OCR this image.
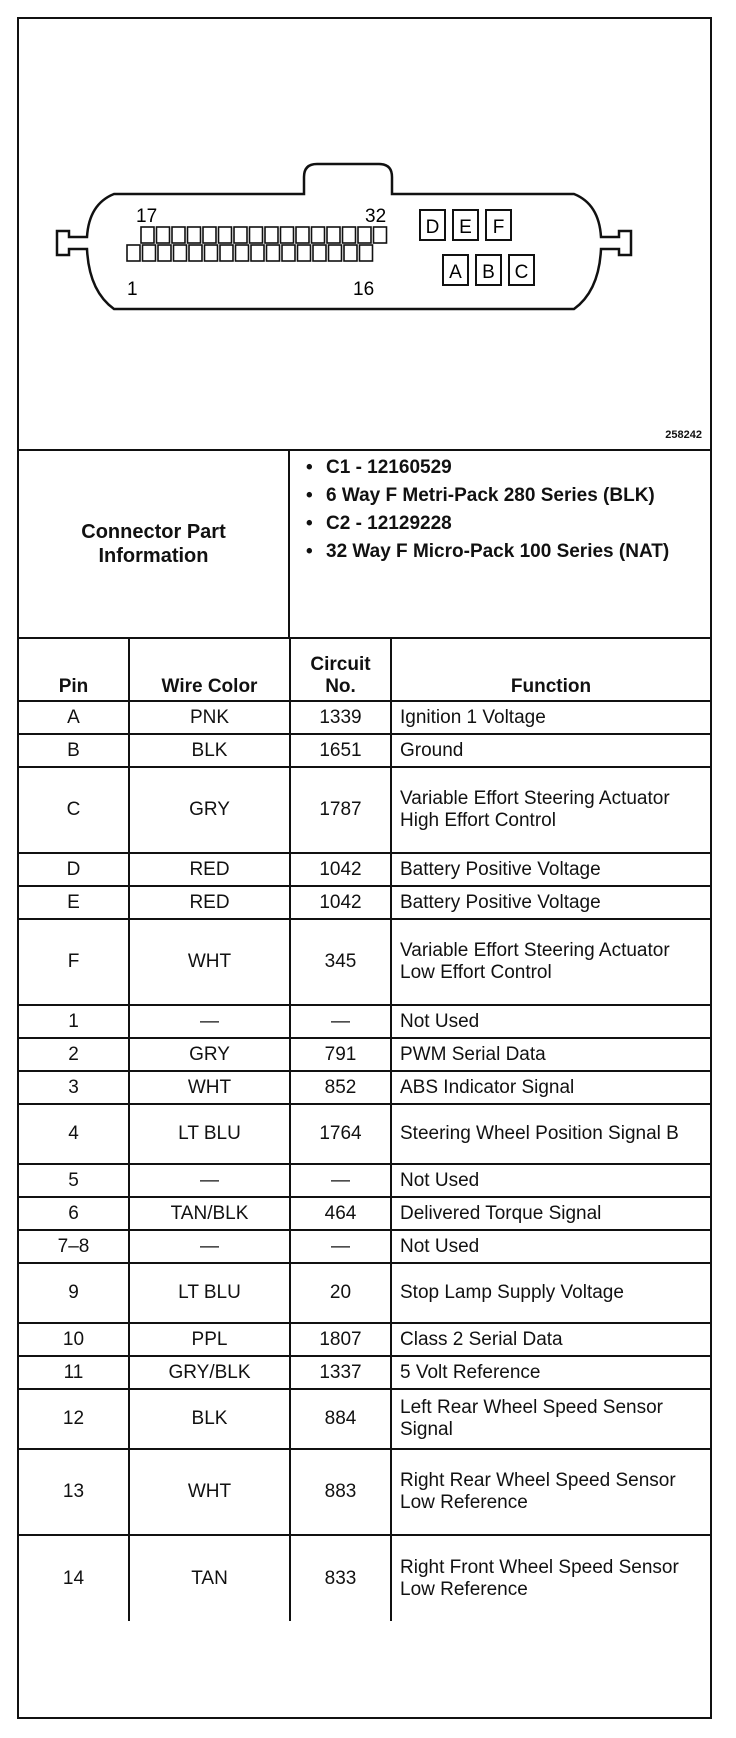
17	32
1	16
D E F
A B C
258242
Connector Part Information
• C1 - 12160529
• 6 Way F Metri-Pack 280 Series (BLK)
• C2 - 12129228
• 32 Way F Micro-Pack 100 Series (NAT)
Pin	Wire Color	Circuit No.	Function
A	PNK	1339	Ignition 1 Voltage
B	BLK	1651	Ground
C	GRY	1787	Variable Effort Steering Actuator High Effort Control
D	RED	1042	Battery Positive Voltage
E	RED	1042	Battery Positive Voltage
F	WHT	345	Variable Effort Steering Actuator Low Effort Control
1	—	—	Not Used
2	GRY	791	PWM Serial Data
3	WHT	852	ABS Indicator Signal
4	LT BLU	1764	Steering Wheel Position Signal B
5	—	—	Not Used
6	TAN/BLK	464	Delivered Torque Signal
7–8	—	—	Not Used
9	LT BLU	20	Stop Lamp Supply Voltage
10	PPL	1807	Class 2 Serial Data
11	GRY/BLK	1337	5 Volt Reference
12	BLK	884	Left Rear Wheel Speed Sensor Signal
13	WHT	883	Right Rear Wheel Speed Sensor Low Reference
14	TAN	833	Right Front Wheel Speed Sensor Low Reference
